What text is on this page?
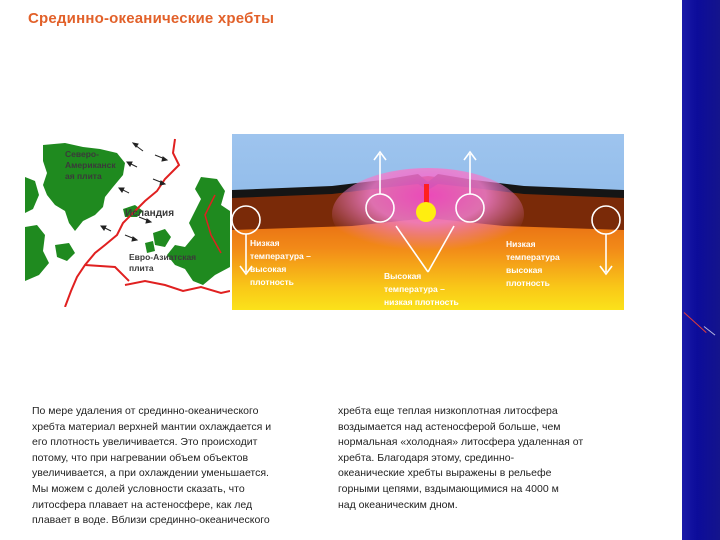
Срединно-океанические хребты
Северо-
Американск
ая плита
Исландия
Евро-Азиатская
плита
Низкая
температура –
высокая
плотность
Высокая
температура –
низкая плотность
Низкая
температура
высокая
плотность
По мере удаления от срединно-океанического
хребта материал верхней мантии охлаждается и
его плотность увеличивается. Это происходит
потому, что при нагревании объем объектов
увеличивается, а при охлаждении уменьшается.
Мы можем с долей условности сказать, что
литосфера плавает на астеносфере, как лед
плавает в воде. Вблизи срединно-океанического
хребта еще теплая низкоплотная литосфера
воздымается над астеносферой больше, чем
нормальная «холодная» литосфера удаленная от
хребта. Благодаря этому, срединно-
океанические хребты выражены в рельефе
горными цепями, вздымающимися на 4000 м
над океаническим дном.
